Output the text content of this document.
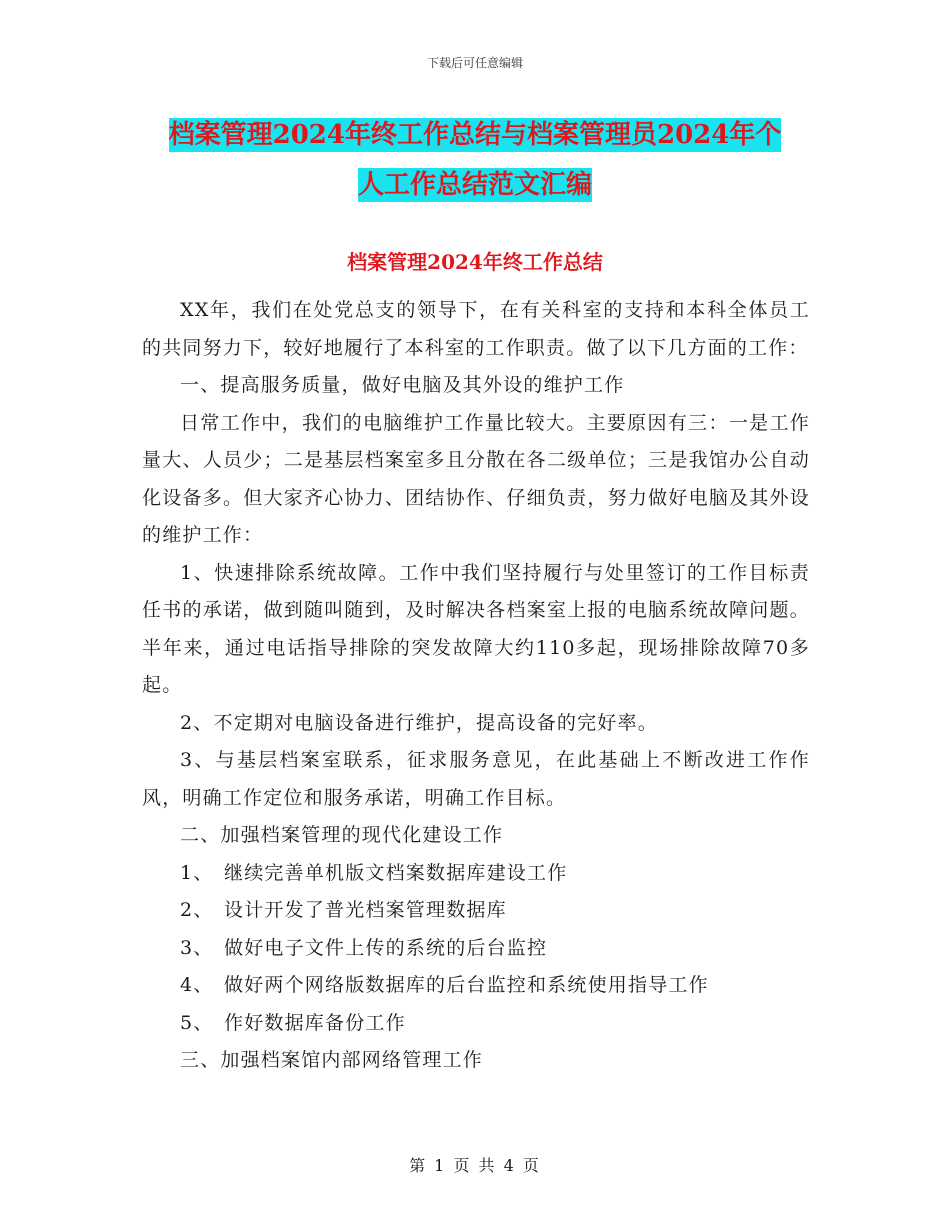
下载后可任意编辑
档案管理2024年终工作总结与档案管理员2024年个
人工作总结范文汇编
档案管理2024年终工作总结

XX年，我们在处党总支的领导下，在有关科室的支持和本科全体员工的共同努力下，较好地履行了本科室的工作职责。做了以下几方面的工作：

一、提高服务质量，做好电脑及其外设的维护工作

日常工作中，我们的电脑维护工作量比较大。主要原因有三：一是工作量大、人员少；二是基层档案室多且分散在各二级单位；三是我馆办公自动化设备多。但大家齐心协力、团结协作、仔细负责，努力做好电脑及其外设的维护工作：

1、快速排除系统故障。工作中我们坚持履行与处里签订的工作目标责任书的承诺，做到随叫随到，及时解决各档案室上报的电脑系统故障问题。半年来，通过电话指导排除的突发故障大约110多起，现场排除故障70多起。

2、不定期对电脑设备进行维护，提高设备的完好率。

3、与基层档案室联系，征求服务意见，在此基础上不断改进工作作风，明确工作定位和服务承诺，明确工作目标。

二、加强档案管理的现代化建设工作

1、 继续完善单机版文档案数据库建设工作

2、 设计开发了普光档案管理数据库

3、 做好电子文件上传的系统的后台监控

4、 做好两个网络版数据库的后台监控和系统使用指导工作

5、 作好数据库备份工作

三、加强档案馆内部网络管理工作

第 1 页 共 4 页
